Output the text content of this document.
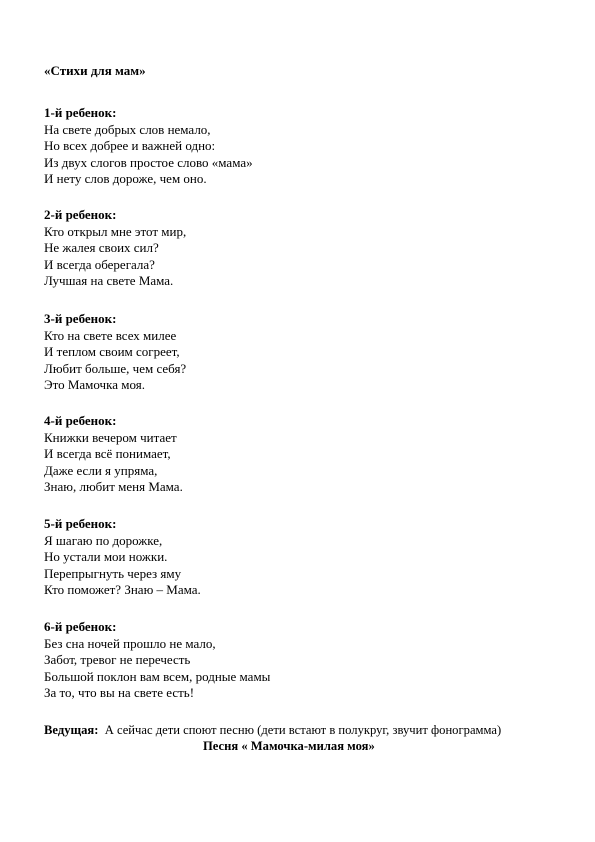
«Стихи для мам»
1-й ребенок:
На свете добрых слов немало,
Но всех добрее и важней одно:
Из двух слогов простое слово «мама»
И нету слов дороже, чем оно.
2-й ребенок:
Кто открыл мне этот мир,
Не жалея своих сил?
И всегда оберегала?
Лучшая на свете Мама.
3-й ребенок:
Кто на свете всех милее
И теплом своим согреет,
Любит больше, чем себя?
Это Мамочка моя.
4-й ребенок:
Книжки вечером читает
И всегда всё понимает,
Даже если я упряма,
Знаю, любит меня Мама.
5-й ребенок:
Я шагаю по дорожке,
Но устали мои ножки.
Перепрыгнуть через яму
Кто поможет? Знаю – Мама.
6-й ребенок:
Без сна ночей прошло не мало,
Забот, тревог не перечесть
Большой поклон вам всем, родные мамы
За то, что вы на свете есть!
Ведущая: А сейчас дети споют песню (дети встают в полукруг, звучит фонограмма)
Песня « Мамочка-милая моя»
